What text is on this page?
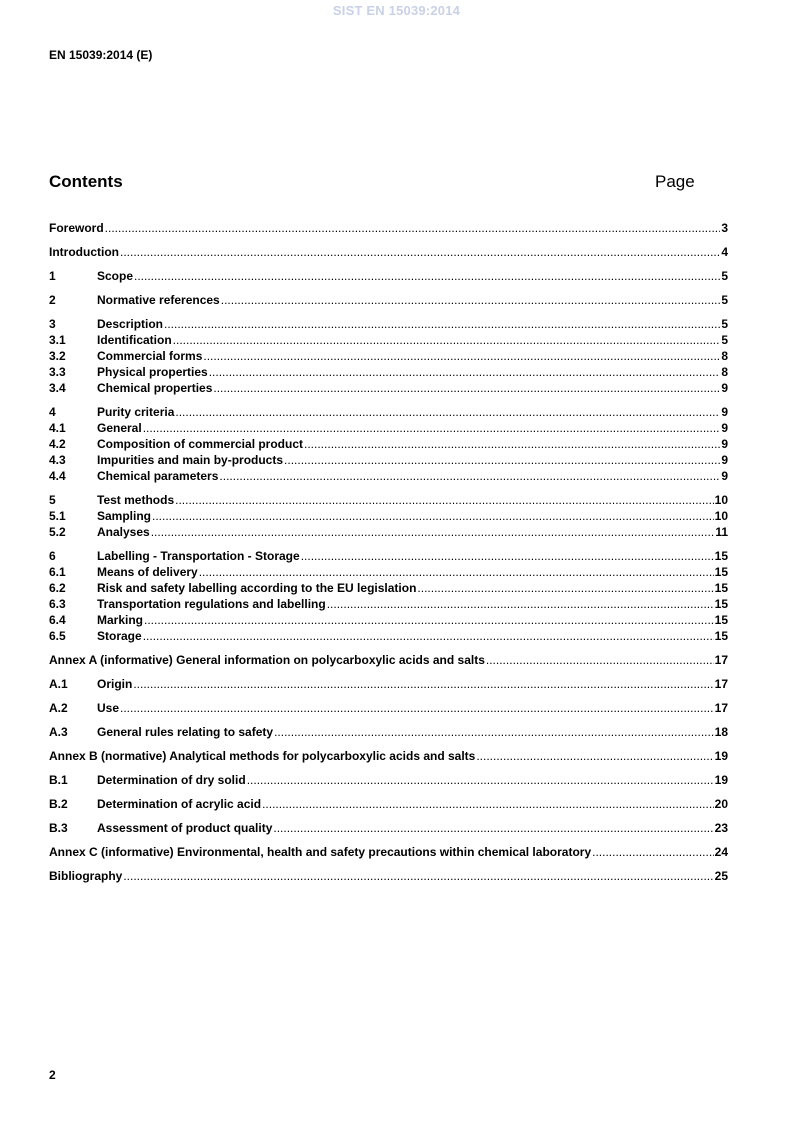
SIST EN 15039:2014
EN 15039:2014 (E)
Contents	Page
Foreword .....	3
Introduction .....	4
1	Scope .....	5
2	Normative references .....	5
3	Description .....	5
3.1	Identification .....	5
3.2	Commercial forms .....	8
3.3	Physical properties .....	8
3.4	Chemical properties .....	9
4	Purity criteria .....	9
4.1	General .....	9
4.2	Composition of commercial product .....	9
4.3	Impurities and main by-products .....	9
4.4	Chemical parameters .....	9
5	Test methods .....	10
5.1	Sampling .....	10
5.2	Analyses .....	11
6	Labelling - Transportation - Storage .....	15
6.1	Means of delivery .....	15
6.2	Risk and safety labelling according to the EU legislation .....	15
6.3	Transportation regulations and labelling .....	15
6.4	Marking .....	15
6.5	Storage .....	15
Annex A (informative) General information on polycarboxylic acids and salts .....	17
A.1	Origin .....	17
A.2	Use .....	17
A.3	General rules relating to safety .....	18
Annex B (normative) Analytical methods for polycarboxylic acids and salts .....	19
B.1	Determination of dry solid .....	19
B.2	Determination of acrylic acid .....	20
B.3	Assessment of product quality .....	23
Annex C (informative) Environmental, health and safety precautions within chemical laboratory .....	24
Bibliography .....	25
2
